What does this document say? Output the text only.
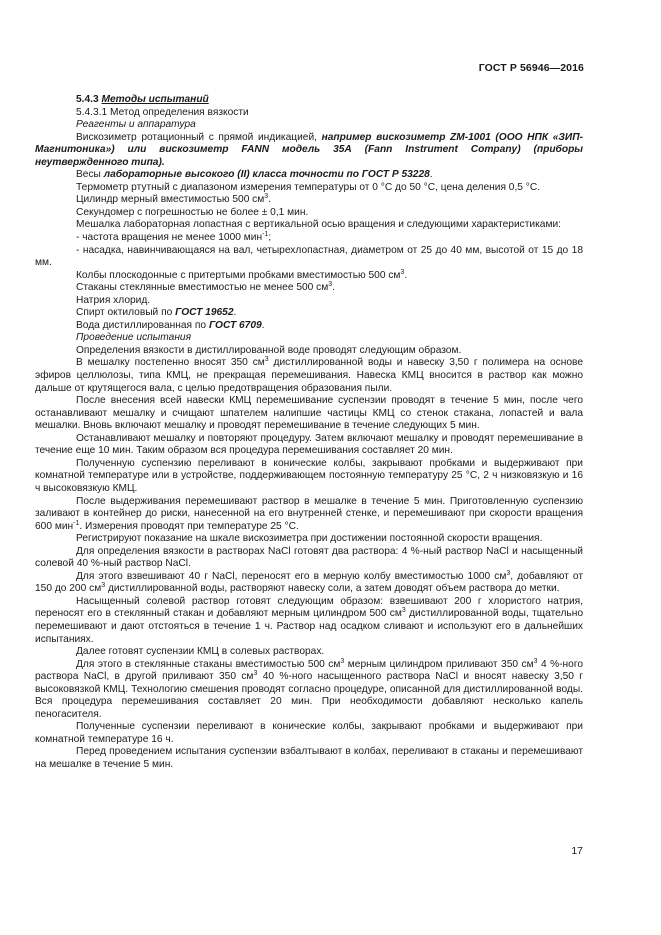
ГОСТ Р 56946—2016

5.4.3 Методы испытаний

5.4.3.1 Метод определения вязкости

Реагенты и аппаратура

Вискозиметр ротационный с прямой индикацией, например вискозиметр ZM-1001 (ООО НПК «ЗИП-Магнитоника») или вискозиметр FANN модель 35А (Fann Instrument Company) (приборы неутвержденного типа).

Весы лабораторные высокого (II) класса точности по ГОСТ Р 53228.

Термометр ртутный с диапазоном измерения температуры от 0 °С до 50 °С, цена деления 0,5 °С.

Цилиндр мерный вместимостью 500 $см^3$.

Секундомер с погрешностью не более ± 0,1 мин.

Мешалка лабораторная лопастная с вертикальной осью вращения и следующими характеристиками:

- частота вращения не менее 1000 мин$^{-1}$;

- насадка, навинчивающаяся на вал, четырехлопастная, диаметром от 25 до 40 мм, высотой от 15 до 18 мм.

Колбы плоскодонные с притертыми пробками вместимостью 500 $см^3$.

Стаканы стеклянные вместимостью не менее 500 $см^3$.

Натрия хлорид.

Спирт октиловый по ГОСТ 19652.

Вода дистиллированная по ГОСТ 6709.

Проведение испытания

Определения вязкости в дистиллированной воде проводят следующим образом.

В мешалку постепенно вносят 350 $см^3$ дистиллированной воды и навеску 3,50 г полимера на основе эфиров целлюлозы, типа КМЦ, не прекращая перемешивания. Навеска КМЦ вносится в раствор как можно дальше от крутящегося вала, с целью предотвращения образования пыли.

После внесения всей навески КМЦ перемешивание суспензии проводят в течение 5 мин, после чего останавливают мешалку и счищают шпателем налипшие частицы КМЦ со стенок стакана, лопастей и вала мешалки. Вновь включают мешалку и проводят перемешивание в течение следующих 5 мин.

Останавливают мешалку и повторяют процедуру. Затем включают мешалку и проводят перемешивание в течение еще 10 мин. Таким образом вся процедура перемешивания составляет 20 мин.

Полученную суспензию переливают в конические колбы, закрывают пробками и выдерживают при комнатной температуре или в устройстве, поддерживающем постоянную температуру 25 °С, 2 ч низковязкую и 16 ч высоковязкую КМЦ.

После выдерживания перемешивают раствор в мешалке в течение 5 мин. Приготовленную суспензию заливают в контейнер до риски, нанесенной на его внутренней стенке, и перемешивают при скорости вращения 600 мин$^{-1}$. Измерения проводят при температуре 25 °С.

Регистрируют показание на шкале вискозиметра при достижении постоянной скорости вращения.

Для определения вязкости в растворах NaCl готовят два раствора: 4 %-ный раствор NaCl и насыщенный солевой 40 %-ный раствор NaCl.

Для этого взвешивают 40 г NaCl, переносят его в мерную колбу вместимостью 1000 $см^3$, добавляют от 150 до 200 $см^3$ дистиллированной воды, растворяют навеску соли, а затем доводят объем раствора до метки.

Насыщенный солевой раствор готовят следующим образом: взвешивают 200 г хлористого натрия, переносят его в стеклянный стакан и добавляют мерным цилиндром 500 $см^3$ дистиллированной воды, тщательно перемешивают и дают отстояться в течение 1 ч. Раствор над осадком сливают и используют его в дальнейших испытаниях.

Далее готовят суспензии КМЦ в солевых растворах.

Для этого в стеклянные стаканы вместимостью 500 $см^3$ мерным цилиндром приливают 350 $см^3$ 4 %-ного раствора NaCl, в другой приливают 350 $см^3$ 40 %-ного насыщенного раствора NaCl и вносят навеску 3,50 г высоковязкой КМЦ. Технологию смешения проводят согласно процедуре, описанной для дистиллированной воды. Вся процедура перемешивания составляет 20 мин. При необходимости добавляют несколько капель пеногасителя.

Полученные суспензии переливают в конические колбы, закрывают пробками и выдерживают при комнатной температуре 16 ч.

Перед проведением испытания суспензии взбалтывают в колбах, переливают в стаканы и перемешивают на мешалке в течение 5 мин.

17
